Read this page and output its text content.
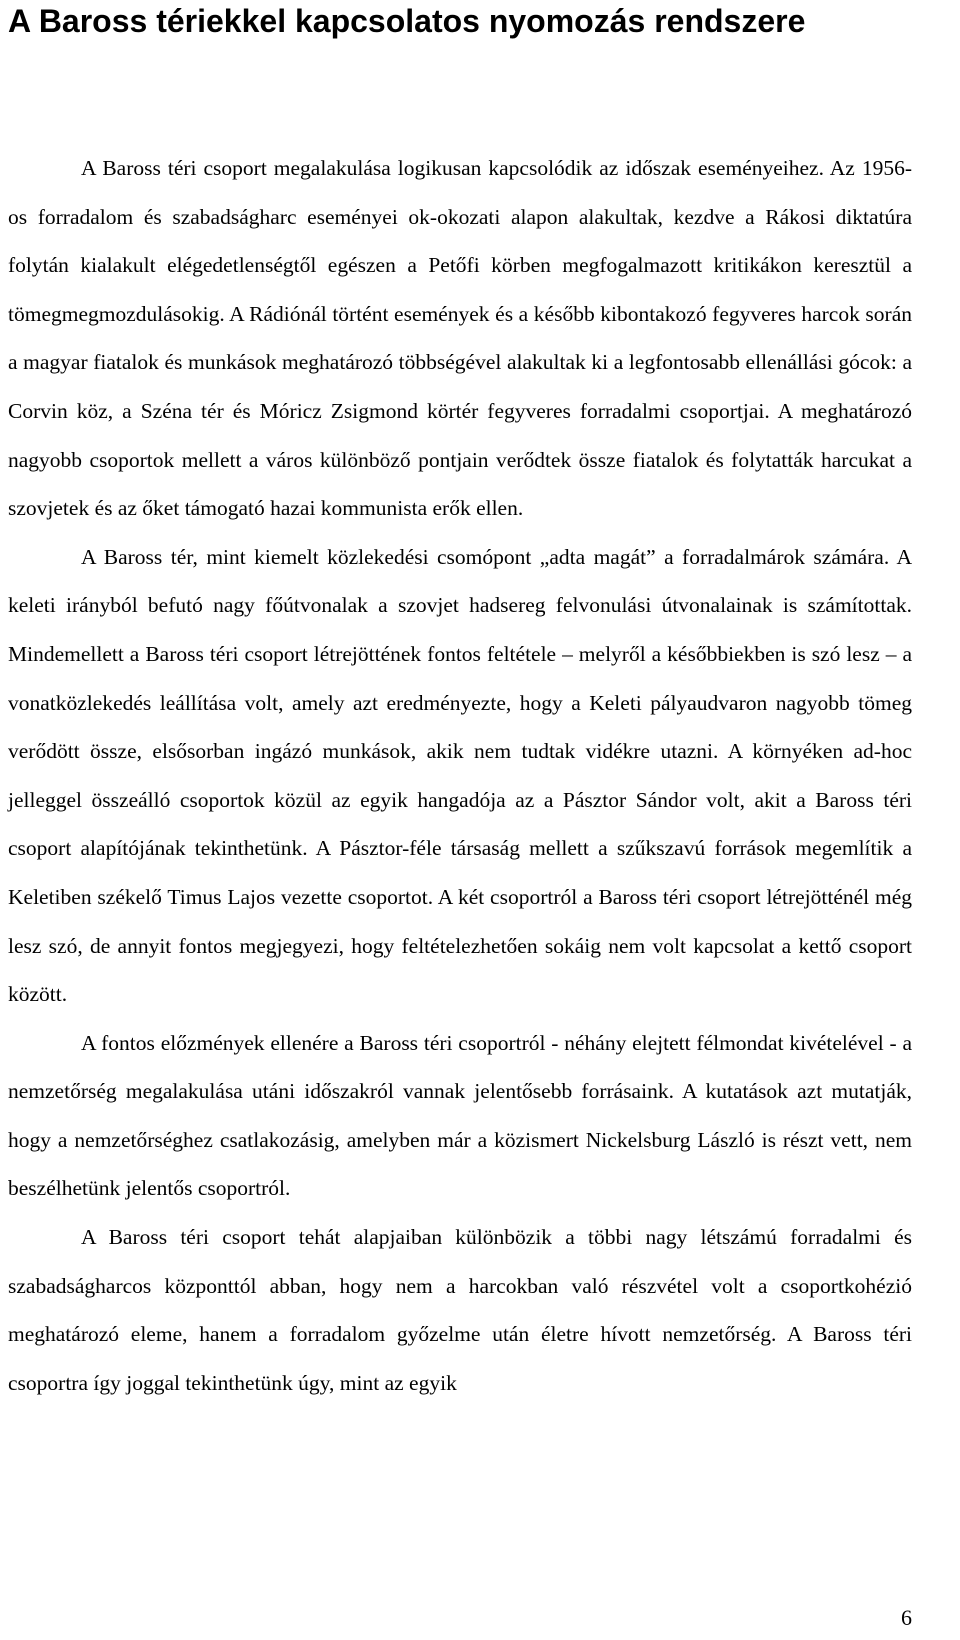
A Baross tériekkel kapcsolatos nyomozás rendszere

A Baross téri csoport megalakulása logikusan kapcsolódik az időszak eseményeihez. Az 1956-os forradalom és szabadságharc eseményei ok-okozati alapon alakultak, kezdve a Rákosi diktatúra folytán kialakult elégedetlenségtől egészen a Petőfi körben megfogalmazott kritikákon keresztül a tömegmegmozdulásokig. A Rádiónál történt események és a később kibontakozó fegyveres harcok során a magyar fiatalok és munkások meghatározó többségével alakultak ki a legfontosabb ellenállási gócok: a Corvin köz, a Széna tér és Móricz Zsigmond körtér fegyveres forradalmi csoportjai. A meghatározó nagyobb csoportok mellett a város különböző pontjain verődtek össze fiatalok és folytatták harcukat a szovjetek és az őket támogató hazai kommunista erők ellen.

A Baross tér, mint kiemelt közlekedési csomópont „adta magát” a forradalmárok számára. A keleti irányból befutó nagy főútvonalak a szovjet hadsereg felvonulási útvonalainak is számítottak. Mindemellett a Baross téri csoport létrejöttének fontos feltétele – melyről a későbbiekben is szó lesz – a vonatközlekedés leállítása volt, amely azt eredményezte, hogy a Keleti pályaudvaron nagyobb tömeg verődött össze, elsősorban ingázó munkások, akik nem tudtak vidékre utazni. A környéken ad-hoc jelleggel összeálló csoportok közül az egyik hangadója az a Pásztor Sándor volt, akit a Baross téri csoport alapítójának tekinthetünk. A Pásztor-féle társaság mellett a szűkszavú források megemlítik a Keletiben székelő Timus Lajos vezette csoportot. A két csoportról a Baross téri csoport létrejötténél még lesz szó, de annyit fontos megjegyezi, hogy feltételezhetően sokáig nem volt kapcsolat a kettő csoport között.

A fontos előzmények ellenére a Baross téri csoportról - néhány elejtett félmondat kivételével - a nemzetőrség megalakulása utáni időszakról vannak jelentősebb forrásaink. A kutatások azt mutatják, hogy a nemzetőrséghez csatlakozásig, amelyben már a közismert Nickelsburg László is részt vett, nem beszélhetünk jelentős csoportról.

A Baross téri csoport tehát alapjaiban különbözik a többi nagy létszámú forradalmi és szabadságharcos központtól abban, hogy nem a harcokban való részvétel volt a csoportkohézió meghatározó eleme, hanem a forradalom győzelme után életre hívott nemzetőrség. A Baross téri csoportra így joggal tekinthetünk úgy, mint az egyik

6
